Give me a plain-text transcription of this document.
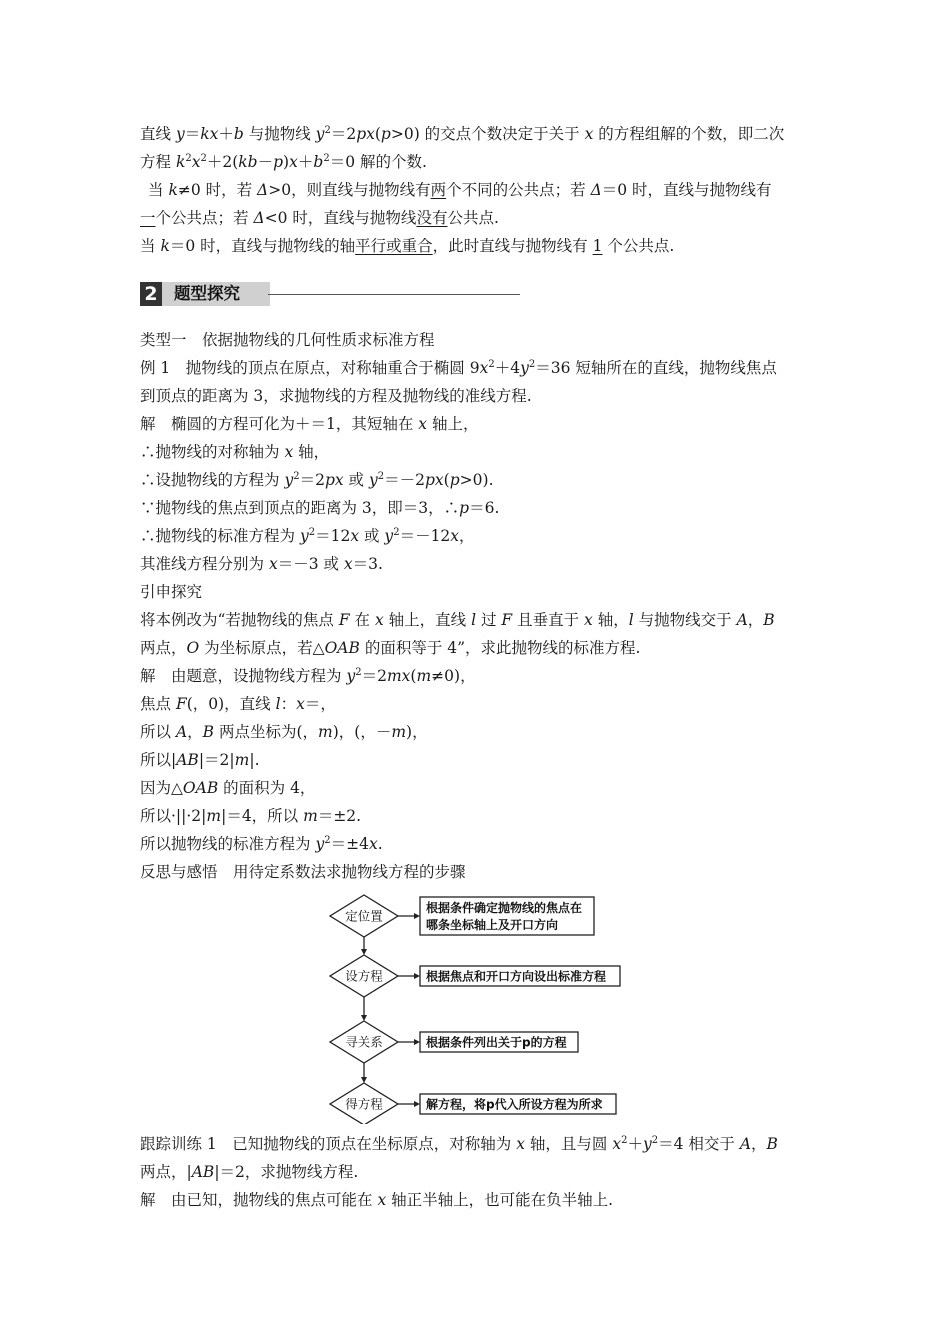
直线 y＝kx＋b 与抛物线 $y^2=2px(p>0)$ 的交点个数决定于关于 x 的方程组解的个数，即二次
方程 $k^2x^2+2(kb-p)x+b^2=0$ 解的个数.
当 k≠0 时，若 Δ>0，则直线与抛物线有两个不同的公共点；若 Δ＝0 时，直线与抛物线有
一个公共点；若 Δ<0 时，直线与抛物线没有公共点.
当 k＝0 时，直线与抛物线的轴平行或重合，此时直线与抛物线有 1 个公共点.
2 题型探究
类型一　依据抛物线的几何性质求标准方程
例 1　抛物线的顶点在原点，对称轴重合于椭圆 $9x^2+4y^2=36$ 短轴所在的直线，抛物线焦点
到顶点的距离为 3，求抛物线的方程及抛物线的准线方程.
解　椭圆的方程可化为＋＝1，其短轴在 x 轴上，
∴抛物线的对称轴为 x 轴，
∴设抛物线的方程为 $y^2=2px$ 或 $y^2=-2px(p>0)$.
∵抛物线的焦点到顶点的距离为 3，即＝3，∴p＝6.
∴抛物线的标准方程为 $y^2=12x$ 或 $y^2=-12x$，
其准线方程分别为 x＝－3 或 x＝3.
引申探究
将本例改为“若抛物线的焦点 F 在 x 轴上，直线 l 过 F 且垂直于 x 轴，l 与抛物线交于 A，B
两点，O 为坐标原点，若△OAB 的面积等于 4”，求此抛物线的标准方程.
解　由题意，设抛物线方程为 $y^2=2mx(m\ne 0)$，
焦点 F(，0)，直线 l：x＝，
所以 A，B 两点坐标为(，m)，(，－m)，
所以|AB|＝2|m|.
因为△OAB 的面积为 4，
所以·||·2|m|＝4，所以 m＝±2.
所以抛物线的标准方程为 $y^2=\pm 4x$.
反思与感悟　用待定系数法求抛物线方程的步骤
定位置
设方程
寻关系
得方程
根据条件确定抛物线的焦点在
哪条坐标轴上及开口方向
根据焦点和开口方向设出标准方程
根据条件列出关于p的方程
解方程，将p代入所设方程为所求
跟踪训练 1　已知抛物线的顶点在坐标原点，对称轴为 x 轴，且与圆 $x^2+y^2=4$ 相交于 A，B
两点，|AB|＝2，求抛物线方程.
解　由已知，抛物线的焦点可能在 x 轴正半轴上，也可能在负半轴上.
